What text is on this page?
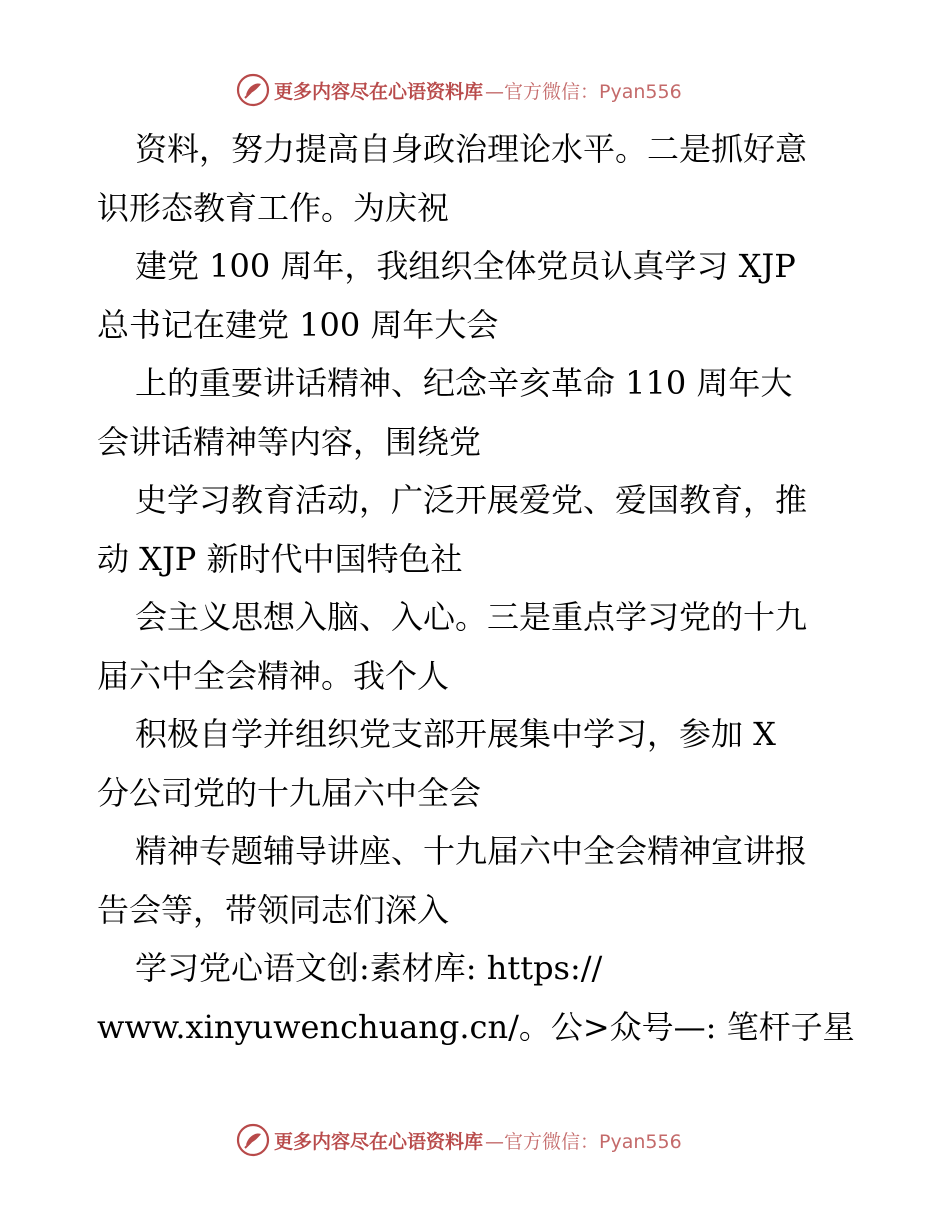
更多内容尽在心语资料库 —官方微信：Pyan556
资料，努力提高自身政治理论水平。二是抓好意
识形态教育工作。为庆祝
建党 100 周年，我组织全体党员认真学习 XJP
总书记在建党 100 周年大会
上的重要讲话精神、纪念辛亥革命 110 周年大
会讲话精神等内容，围绕党
史学习教育活动，广泛开展爱党、爱国教育，推
动 XJP 新时代中国特色社
会主义思想入脑、入心。三是重点学习党的十九
届六中全会精神。我个人
积极自学并组织党支部开展集中学习，参加 X
分公司党的十九届六中全会
精神专题辅导讲座、十九届六中全会精神宣讲报
告会等，带领同志们深入
学习党心语文创:素材库: https://
www.xinyuwenchuang.cn/。公>众号—: 笔杆子星
更多内容尽在心语资料库 —官方微信：Pyan556
